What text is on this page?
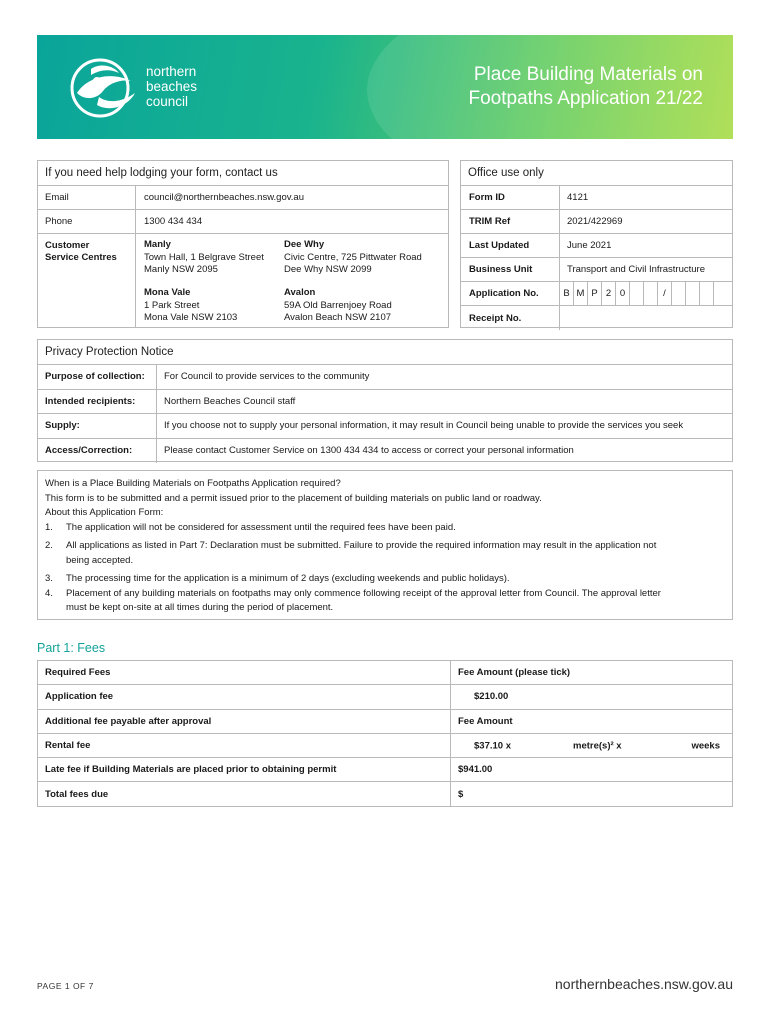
northern
beaches
council
Place Building Materials on
Footpaths Application 21/22
If you need help lodging your form, contact us
Email	council@northernbeaches.nsw.gov.au
Phone	1300 434 434
Customer
Service Centres
Manly
Town Hall, 1 Belgrave Street
Manly NSW 2095
Dee Why
Civic Centre, 725 Pittwater Road
Dee Why NSW 2099
Mona Vale
1 Park Street
Mona Vale NSW 2103
Avalon
59A Old Barrenjoey Road
Avalon Beach NSW 2107
Office use only
Form ID	4121
TRIM Ref	2021/422969
Last Updated	June 2021
Business Unit	Transport and Civil Infrastructure
Application No.	B M P 2 0	/
Receipt No.
Privacy Protection Notice
Purpose of collection:	For Council to provide services to the community
Intended recipients:	Northern Beaches Council staff
Supply:	If you choose not to supply your personal information, it may result in Council being unable to provide the services you seek
Access/Correction:	Please contact Customer Service on 1300 434 434 to access or correct your personal information
When is a Place Building Materials on Footpaths Application required?
This form is to be submitted and a permit issued prior to the placement of building materials on public land or roadway.
About this Application Form:
1.	The application will not be considered for assessment until the required fees have been paid.
2.	All applications as listed in Part 7: Declaration must be submitted. Failure to provide the required information may result in the application not
being accepted.
3.	The processing time for the application is a minimum of 2 days (excluding weekends and public holidays).
4.	Placement of any building materials on footpaths may only commence following receipt of the approval letter from Council. The approval letter
must be kept on-site at all times during the period of placement.
Part 1: Fees
Required Fees	Fee Amount (please tick)
Application fee	$210.00
Additional fee payable after approval	Fee Amount
Rental fee	$37.10 x metre(s)² x weeks

Late fee if Building Materials are placed prior to obtaining permit	$941.00
Total fees due	$
PAGE 1 OF 7	northernbeaches.nsw.gov.au
